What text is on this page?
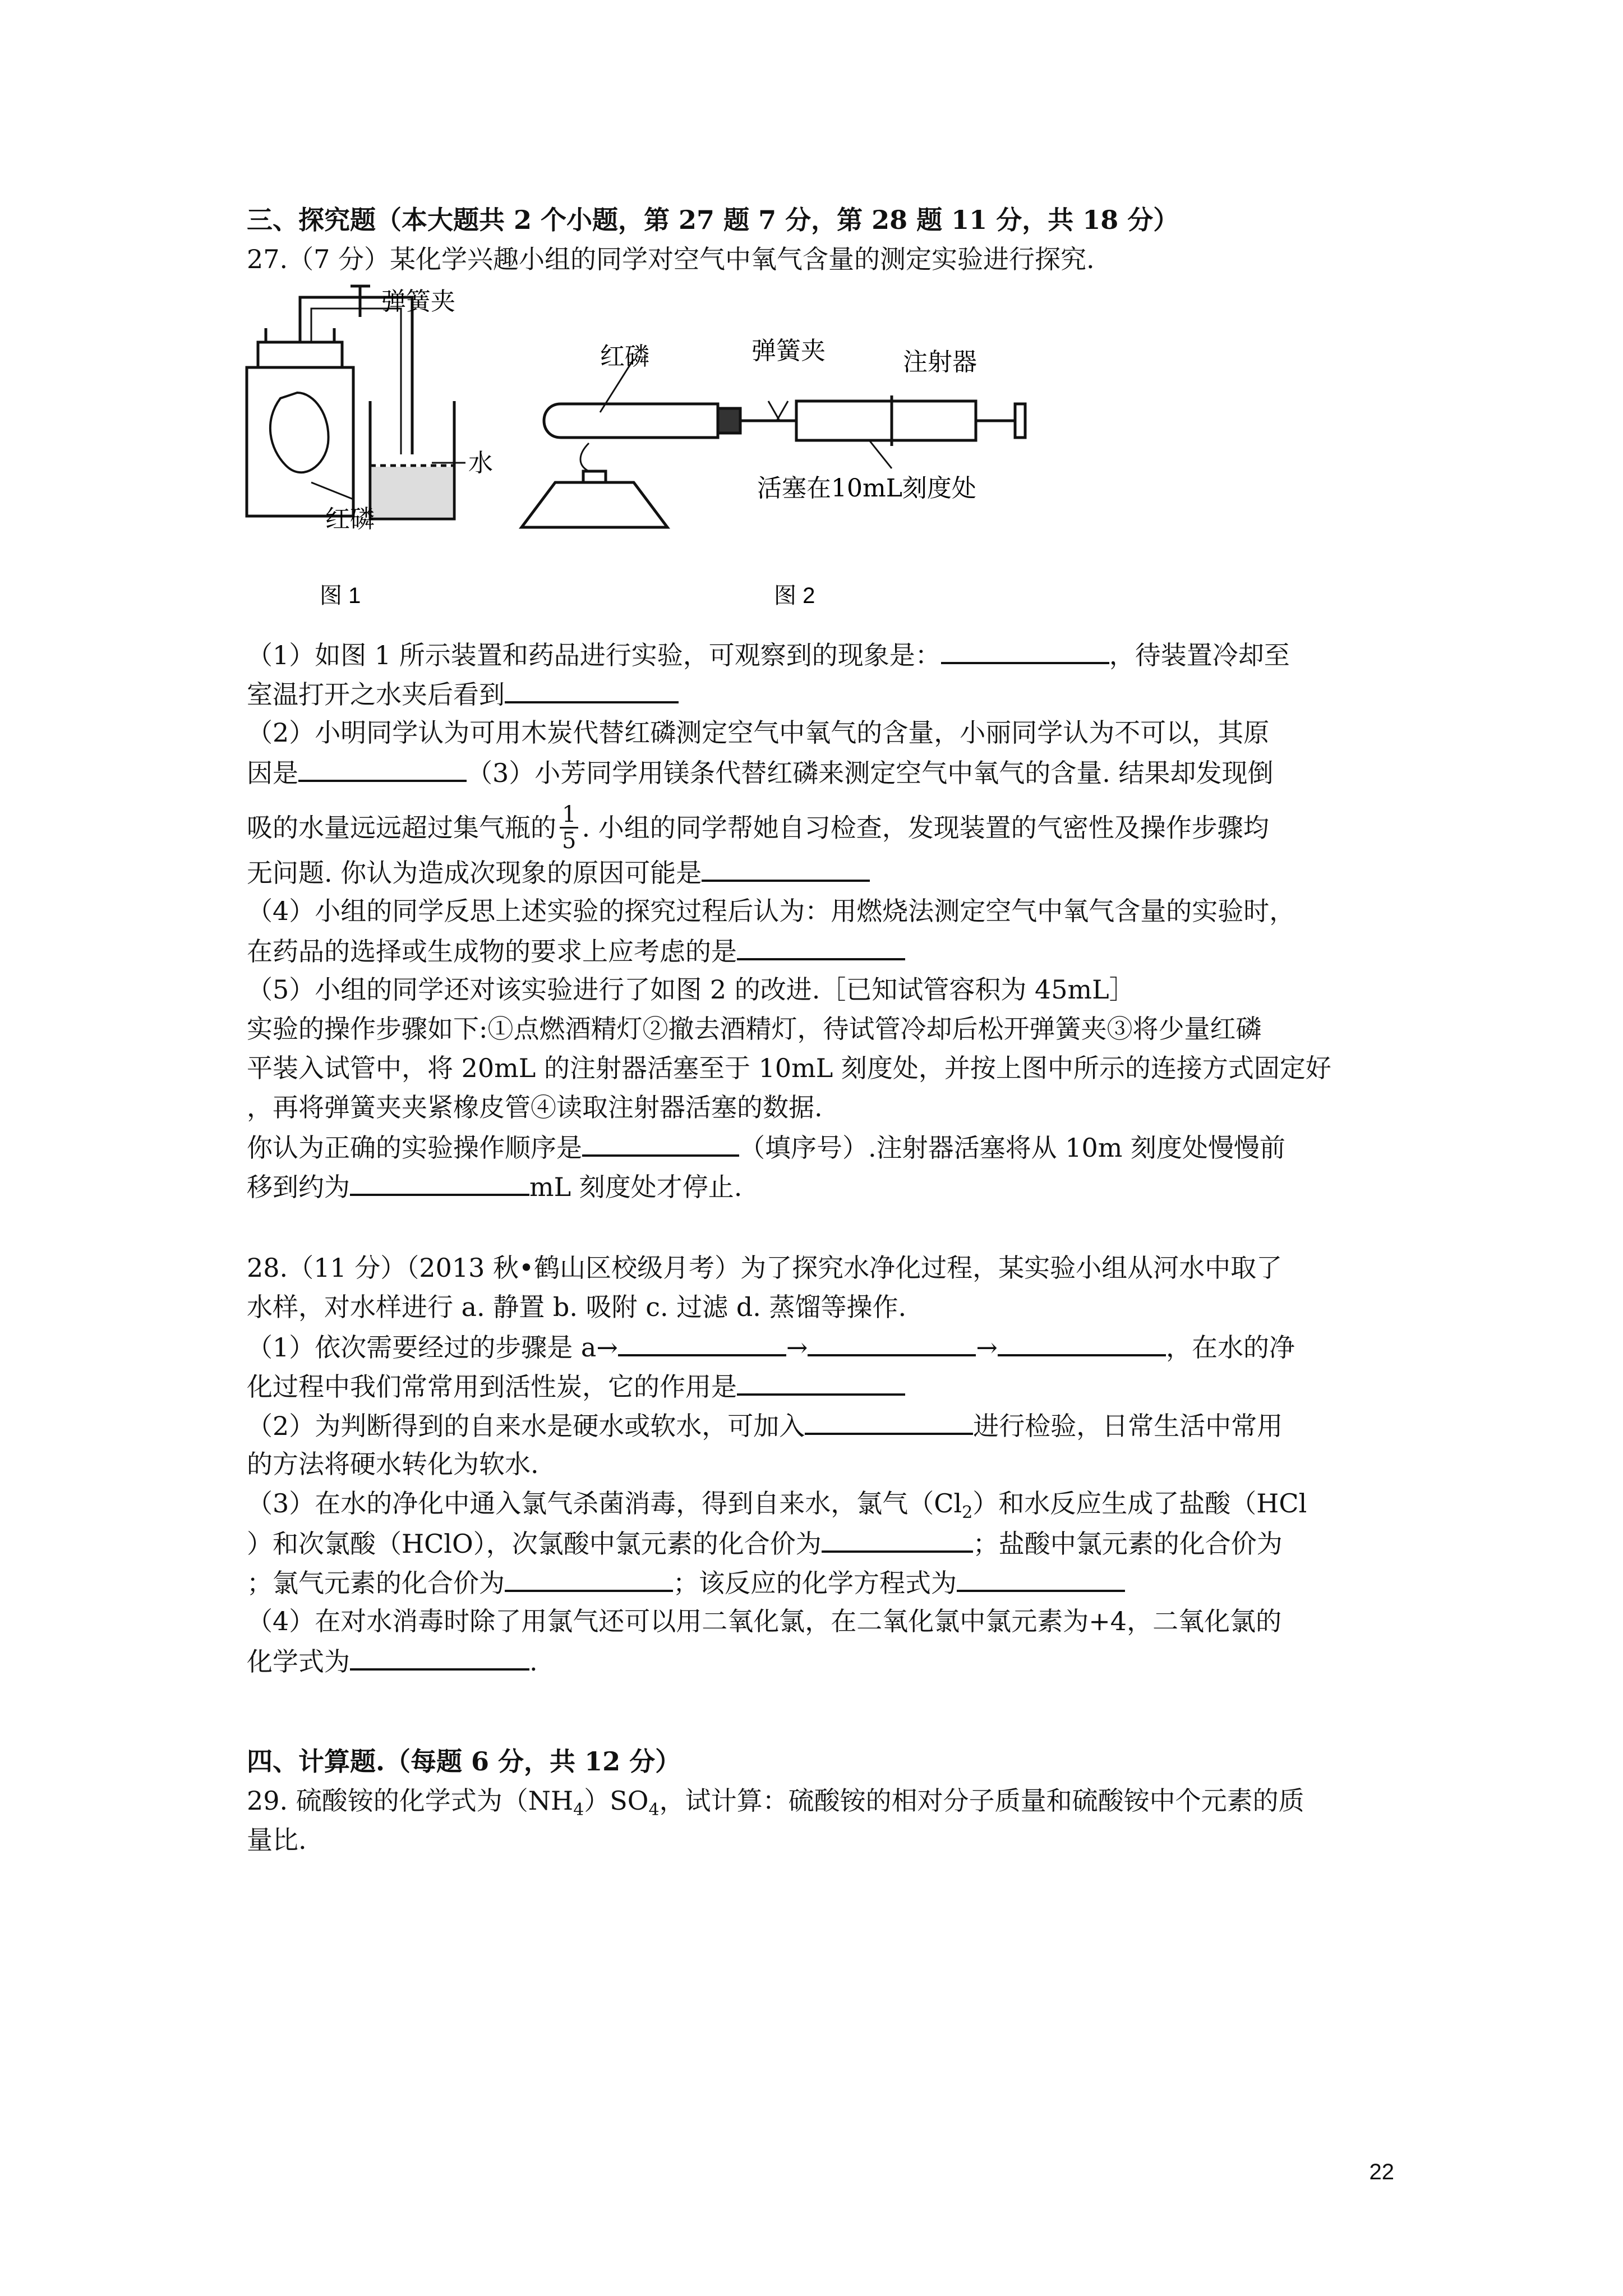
三、探究题（本大题共 2 个小题，第 27 题 7 分，第 28 题 11 分，共 18 分）
27.（7 分）某化学兴趣小组的同学对空气中氧气含量的测定实验进行探究.
弹簧夹
水
红磷
图 1
红磷	弹簧夹	注射器
活塞在10mL刻度处
图 2
（1）如图 1 所示装置和药品进行实验，可观察到的现象是：	，待装置冷却至
室温打开之水夹后看到
（2）小明同学认为可用木炭代替红磷测定空气中氧气的含量，小丽同学认为不可以，其原
因是	（3）小芳同学用镁条代替红磷来测定空气中氧气的含量. 结果却发现倒
吸的水量远远超过集气瓶的 $\frac{1}{5}$ . 小组的同学帮她自习检查，发现装置的气密性及操作步骤均
无问题. 你认为造成次现象的原因可能是
（4）小组的同学反思上述实验的探究过程后认为：用燃烧法测定空气中氧气含量的实验时，
在药品的选择或生成物的要求上应考虑的是
（5）小组的同学还对该实验进行了如图 2 的改进.［已知试管容积为 45mL］
实验的操作步骤如下:①点燃酒精灯②撤去酒精灯，待试管冷却后松开弹簧夹③将少量红磷
平装入试管中，将 20mL 的注射器活塞至于 10mL 刻度处，并按上图中所示的连接方式固定好
，再将弹簧夹夹紧橡皮管④读取注射器活塞的数据.
你认为正确的实验操作顺序是	（填序号）.注射器活塞将从 10m 刻度处慢慢前
移到约为	mL 刻度处才停止.
28.（11 分）（2013 秋•鹤山区校级月考）为了探究水净化过程，某实验小组从河水中取了
水样，对水样进行 a. 静置 b. 吸附 c. 过滤 d. 蒸馏等操作.
（1）依次需要经过的步骤是 a→	→	→	，在水的净
化过程中我们常常用到活性炭，它的作用是
（2）为判断得到的自来水是硬水或软水，可加入	进行检验，日常生活中常用
的方法将硬水转化为软水.
（3）在水的净化中通入氯气杀菌消毒，得到自来水，氯气$(Cl_2)$和水反应生成了盐酸（HCl
）和次氯酸（HClO），次氯酸中氯元素的化合价为	；盐酸中氯元素的化合价为
；氯气元素的化合价为	；该反应的化学方程式为
（4）在对水消毒时除了用氯气还可以用二氧化氯，在二氧化氯中氯元素为+4，二氧化氯的
化学式为	.
四、计算题.（每题 6 分，共 12 分）
29. 硫酸铵的化学式为$(NH_4)SO_4$，试计算：硫酸铵的相对分子质量和硫酸铵中个元素的质
量比.
22
